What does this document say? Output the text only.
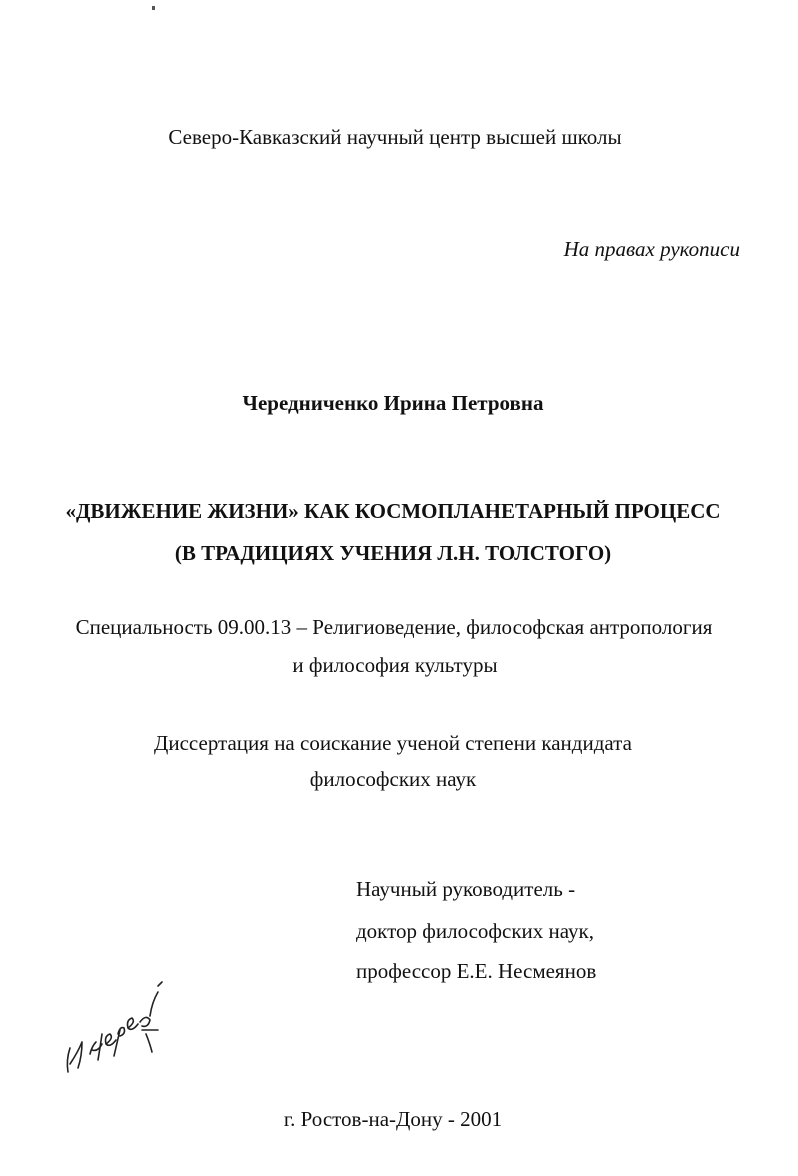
Северо-Кавказский научный центр высшей школы
На правах рукописи
Чередниченко Ирина Петровна
«ДВИЖЕНИЕ ЖИЗНИ» КАК КОСМОПЛАНЕТАРНЫЙ ПРОЦЕСС
(В ТРАДИЦИЯХ УЧЕНИЯ Л.Н. ТОЛСТОГО)
Специальность 09.00.13 – Религиоведение, философская антропология
и философия культуры
Диссертация на соискание ученой степени кандидата
философских наук
Научный руководитель -
доктор философских наук,
профессор Е.Е. Несмеянов
г. Ростов-на-Дону - 2001
